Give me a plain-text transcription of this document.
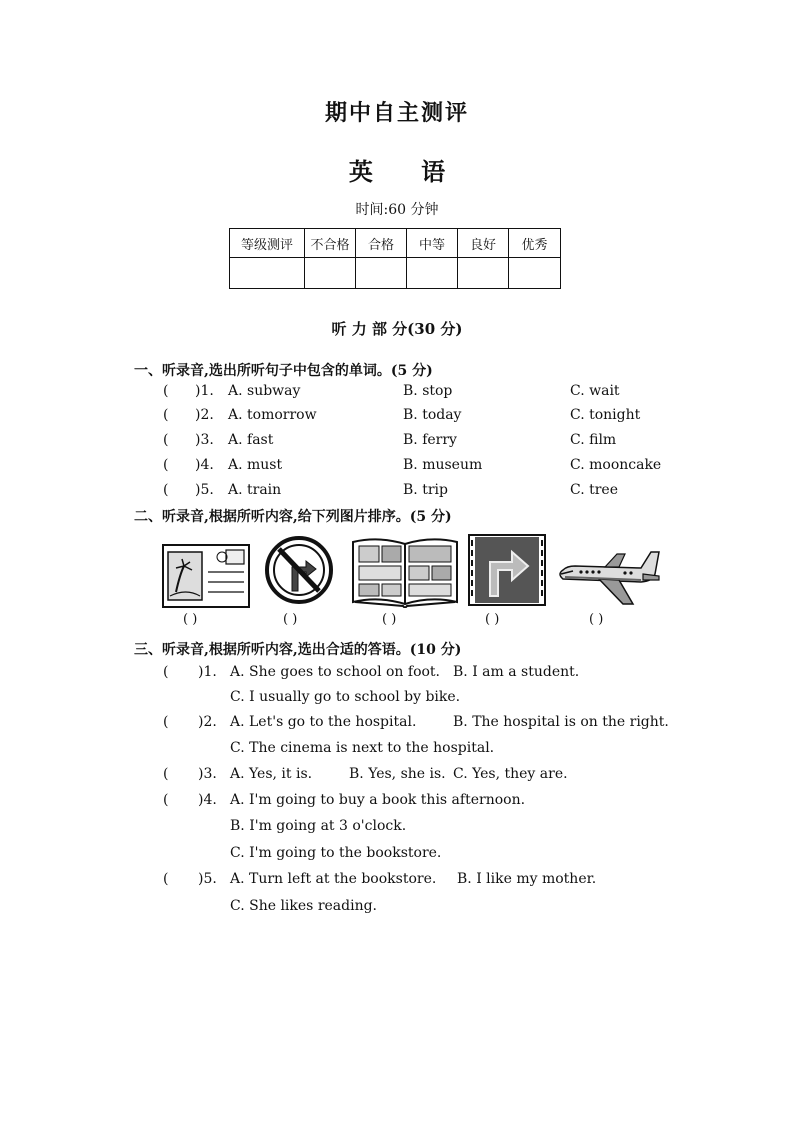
期中自主测评
英 语
时间:60 分钟
等级测评	不合格	合格	中等	良好	优秀

听 力 部 分(30 分)
一、听录音,选出所听句子中包含的单词。(5 分)
( )1. A. subway	B. stop	C. wait
( )2. A. tomorrow	B. today	C. tonight
( )3. A. fast	B. ferry	C. film
( )4. A. must	B. museum	C. mooncake
( )5. A. train	B. trip	C. tree
二、听录音,根据所听内容,给下列图片排序。(5 分)
( )	( )	( )	( )	( )
三、听录音,根据所听内容,选出合适的答语。(10 分)
( )1. A. She goes to school on foot. B. I am a student.
C. I usually go to school by bike.
( )2. A. Let's go to the hospital.	B. The hospital is on the right.
C. The cinema is next to the hospital.
( )3. A. Yes, it is.	B. Yes, she is. C. Yes, they are.
( )4. A. I'm going to buy a book this afternoon.
B. I'm going at 3 o'clock.
C. I'm going to the bookstore.
( )5. A. Turn left at the bookstore. B. I like my mother.
C. She likes reading.
